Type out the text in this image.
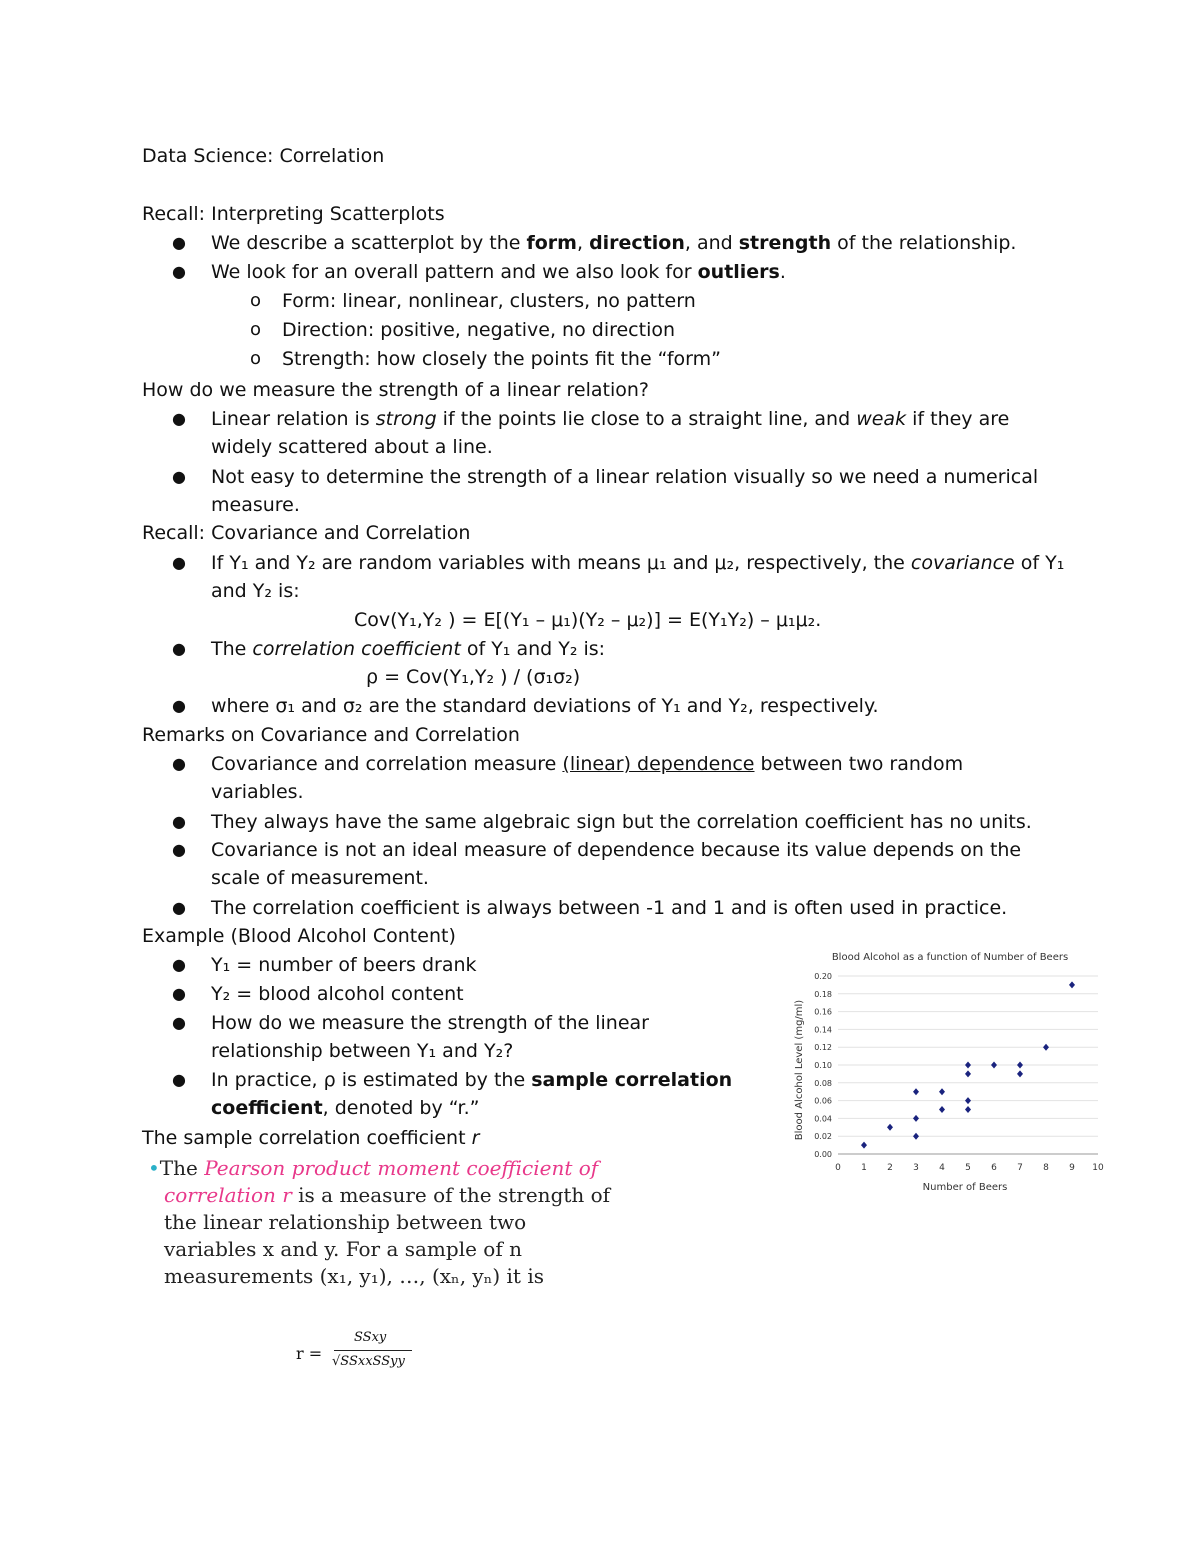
Data Science: Correlation
Recall: Interpreting Scatterplots
● We describe a scatterplot by the form, direction, and strength of the relationship.
● We look for an overall pattern and we also look for outliers.
o Form: linear, nonlinear, clusters, no pattern
o Direction: positive, negative, no direction
o Strength: how closely the points fit the “form”
How do we measure the strength of a linear relation?
● Linear relation is strong if the points lie close to a straight line, and weak if they are
widely scattered about a line.
● Not easy to determine the strength of a linear relation visually so we need a numerical
measure.
Recall: Covariance and Correlation
● If Y₁ and Y₂ are random variables with means μ₁ and μ₂, respectively, the covariance of Y₁
and Y₂ is:
Cov(Y₁,Y₂ ) = E[(Y₁ – μ₁)(Y₂ – μ₂)] = E(Y₁Y₂) – μ₁μ₂.
● The correlation coefficient of Y₁ and Y₂ is:
ρ = Cov(Y₁,Y₂ ) ∕ (σ₁σ₂)
● where σ₁ and σ₂ are the standard deviations of Y₁ and Y₂, respectively.
Remarks on Covariance and Correlation
● Covariance and correlation measure (linear) dependence between two random
variables.
● They always have the same algebraic sign but the correlation coefficient has no units.
● Covariance is not an ideal measure of dependence because its value depends on the
scale of measurement.
● The correlation coefficient is always between -1 and 1 and is often used in practice.
Example (Blood Alcohol Content)
● Y₁ = number of beers drank
● Y₂ = blood alcohol content
● How do we measure the strength of the linear
relationship between Y₁ and Y₂?
● In practice, ρ is estimated by the sample correlation
coefficient, denoted by “r.”
The sample correlation coefficient r
•The Pearson product moment coefficient of
correlation r is a measure of the strength of
the linear relationship between two
variables x and y. For a sample of n
measurements (x₁, y₁), …, (xₙ, yₙ) it is
r =
SSxy
√SSxxSSyy
Blood Alcohol as a function of Number of Beers
Blood Alcohol Level (mg/ml)
Number of Beers
0.00
0.02
0.04
0.06
0.08
0.10
0.12
0.14
0.16
0.18
0.20
0 1 2 3 4 5 6 7 8 9 10
